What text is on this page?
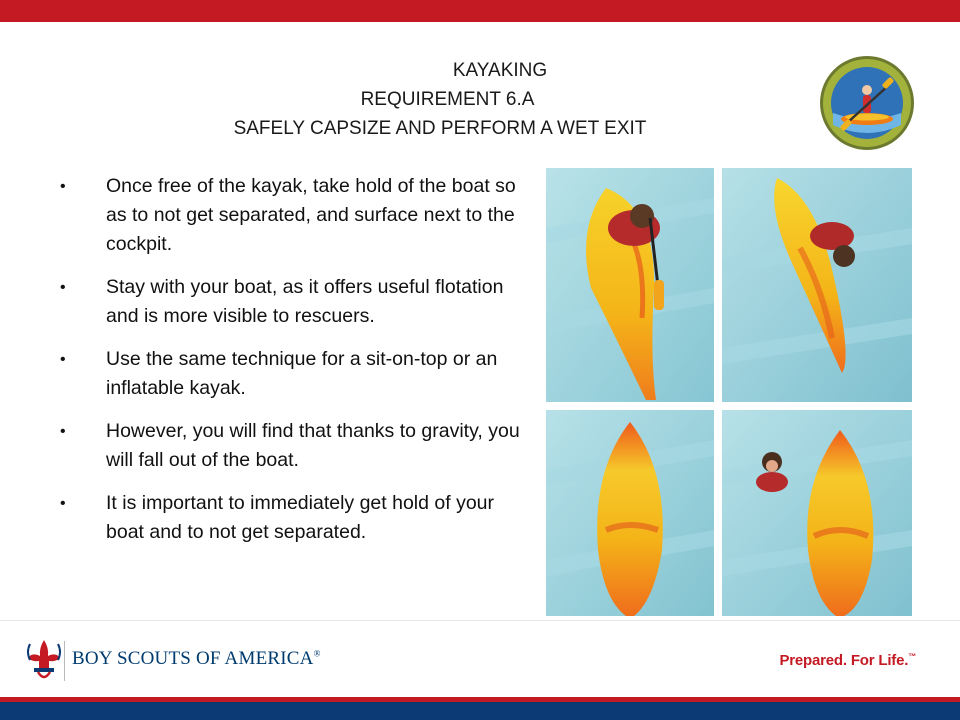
KAYAKING
REQUIREMENT 6.A
SAFELY CAPSIZE AND PERFORM A WET EXIT
• Once free of the kayak, take hold of the boat so as to not get separated, and surface next to the cockpit.
• Stay with your boat, as it offers useful flotation and is more visible to rescuers.
• Use the same technique for a sit-on-top or an inflatable kayak.
• However, you will find that thanks to gravity, you will fall out of the boat.
• It is important to immediately get hold of your boat and to not get separated.
BOY SCOUTS OF AMERICA®	Prepared. For Life.™
